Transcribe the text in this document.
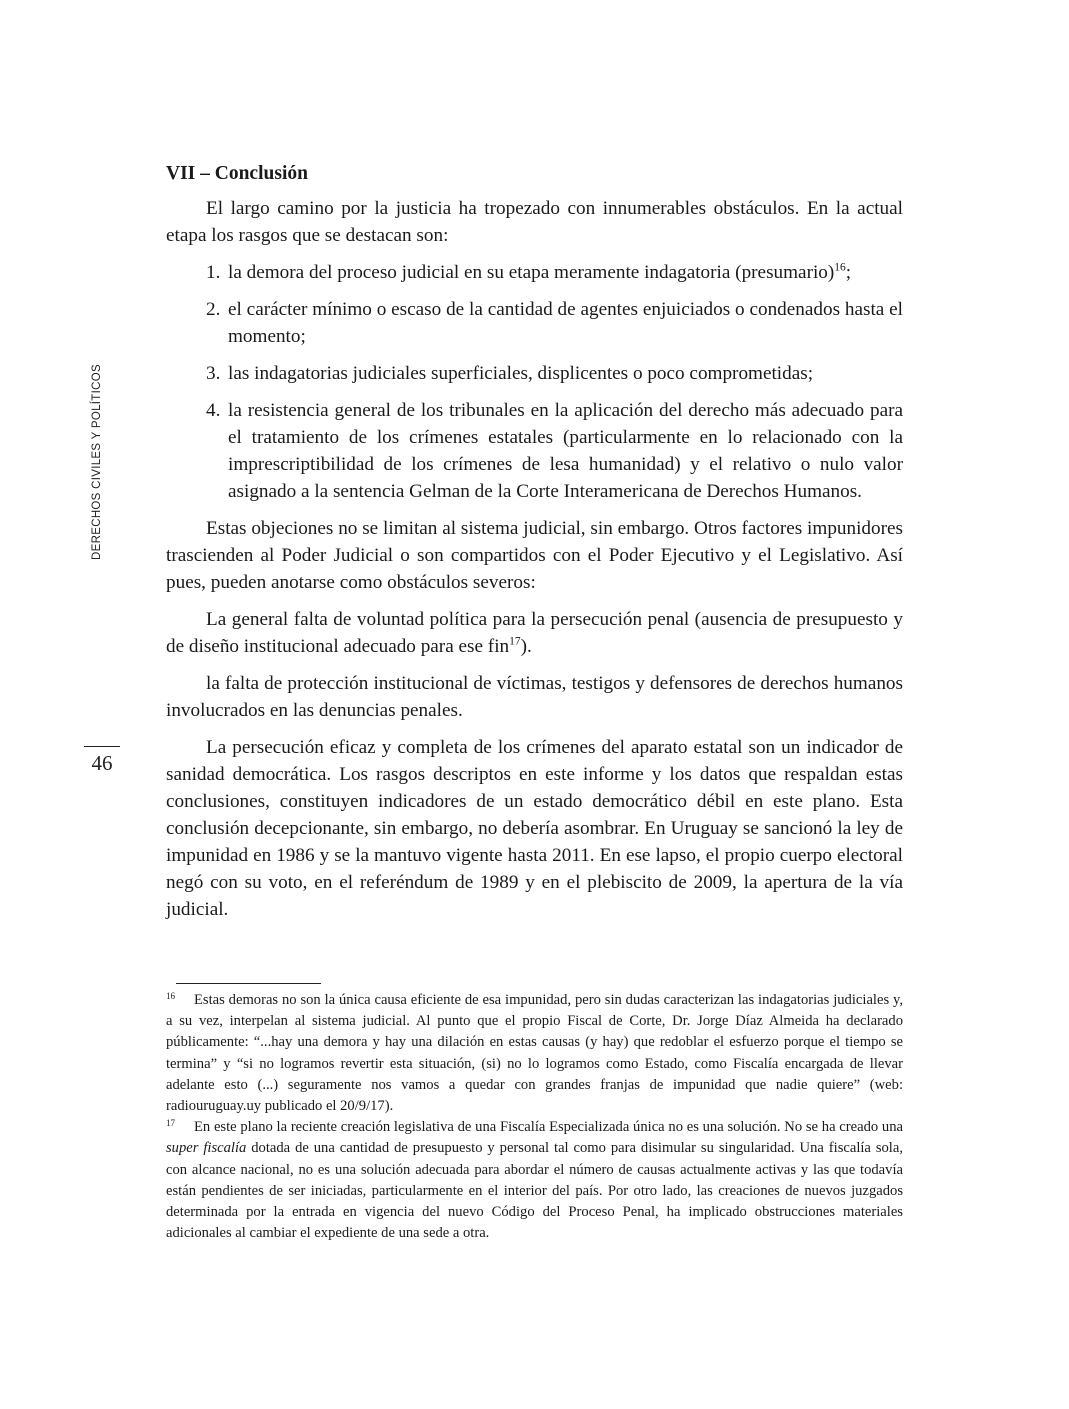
DERECHOS CIVILES Y POLÍTICOS
46
VII – Conclusión

El largo camino por la justicia ha tropezado con innumerables obstáculos. En la actual etapa los rasgos que se destacan son:

1. la demora del proceso judicial en su etapa meramente indagatoria (presumario)$^{16}$;
2. el carácter mínimo o escaso de la cantidad de agentes enjuiciados o condenados hasta el momento;
3. las indagatorias judiciales superficiales, displicentes o poco comprometidas;
4. la resistencia general de los tribunales en la aplicación del derecho más adecuado para el tratamiento de los crímenes estatales (particularmente en lo relacionado con la imprescriptibilidad de los crímenes de lesa humanidad) y el relativo o nulo valor asignado a la sentencia Gelman de la Corte Interamericana de Derechos Humanos.

Estas objeciones no se limitan al sistema judicial, sin embargo. Otros factores impunidores trascienden al Poder Judicial o son compartidos con el Poder Ejecutivo y el Legislativo. Así pues, pueden anotarse como obstáculos severos:

La general falta de voluntad política para la persecución penal (ausencia de presupuesto y de diseño institucional adecuado para ese fin$^{17}$).

la falta de protección institucional de víctimas, testigos y defensores de derechos humanos involucrados en las denuncias penales.

La persecución eficaz y completa de los crímenes del aparato estatal son un indicador de sanidad democrática. Los rasgos descriptos en este informe y los datos que respaldan estas conclusiones, constituyen indicadores de un estado democrático débil en este plano. Esta conclusión decepcionante, sin embargo, no debería asombrar. En Uruguay se sancionó la ley de impunidad en 1986 y se la mantuvo vigente hasta 2011. En ese lapso, el propio cuerpo electoral negó con su voto, en el referéndum de 1989 y en el plebiscito de 2009, la apertura de la vía judicial.

16 Estas demoras no son la única causa eficiente de esa impunidad, pero sin dudas caracterizan las indagatorias judiciales y, a su vez, interpelan al sistema judicial. Al punto que el propio Fiscal de Corte, Dr. Jorge Díaz Almeida ha declarado públicamente: “...hay una demora y hay una dilación en estas causas (y hay) que redoblar el esfuerzo porque el tiempo se termina” y “si no logramos revertir esta situación, (si) no lo logramos como Estado, como Fiscalía encargada de llevar adelante esto (...) seguramente nos vamos a quedar con grandes franjas de impunidad que nadie quiere” (web: radiouruguay.uy publicado el 20/9/17).

17 En este plano la reciente creación legislativa de una Fiscalía Especializada única no es una solución. No se ha creado una super fiscalía dotada de una cantidad de presupuesto y personal tal como para disimular su singularidad. Una fiscalía sola, con alcance nacional, no es una solución adecuada para abordar el número de causas actualmente activas y las que todavía están pendientes de ser iniciadas, particularmente en el interior del país. Por otro lado, las creaciones de nuevos juzgados determinada por la entrada en vigencia del nuevo Código del Proceso Penal, ha implicado obstrucciones materiales adicionales al cambiar el expediente de una sede a otra.
